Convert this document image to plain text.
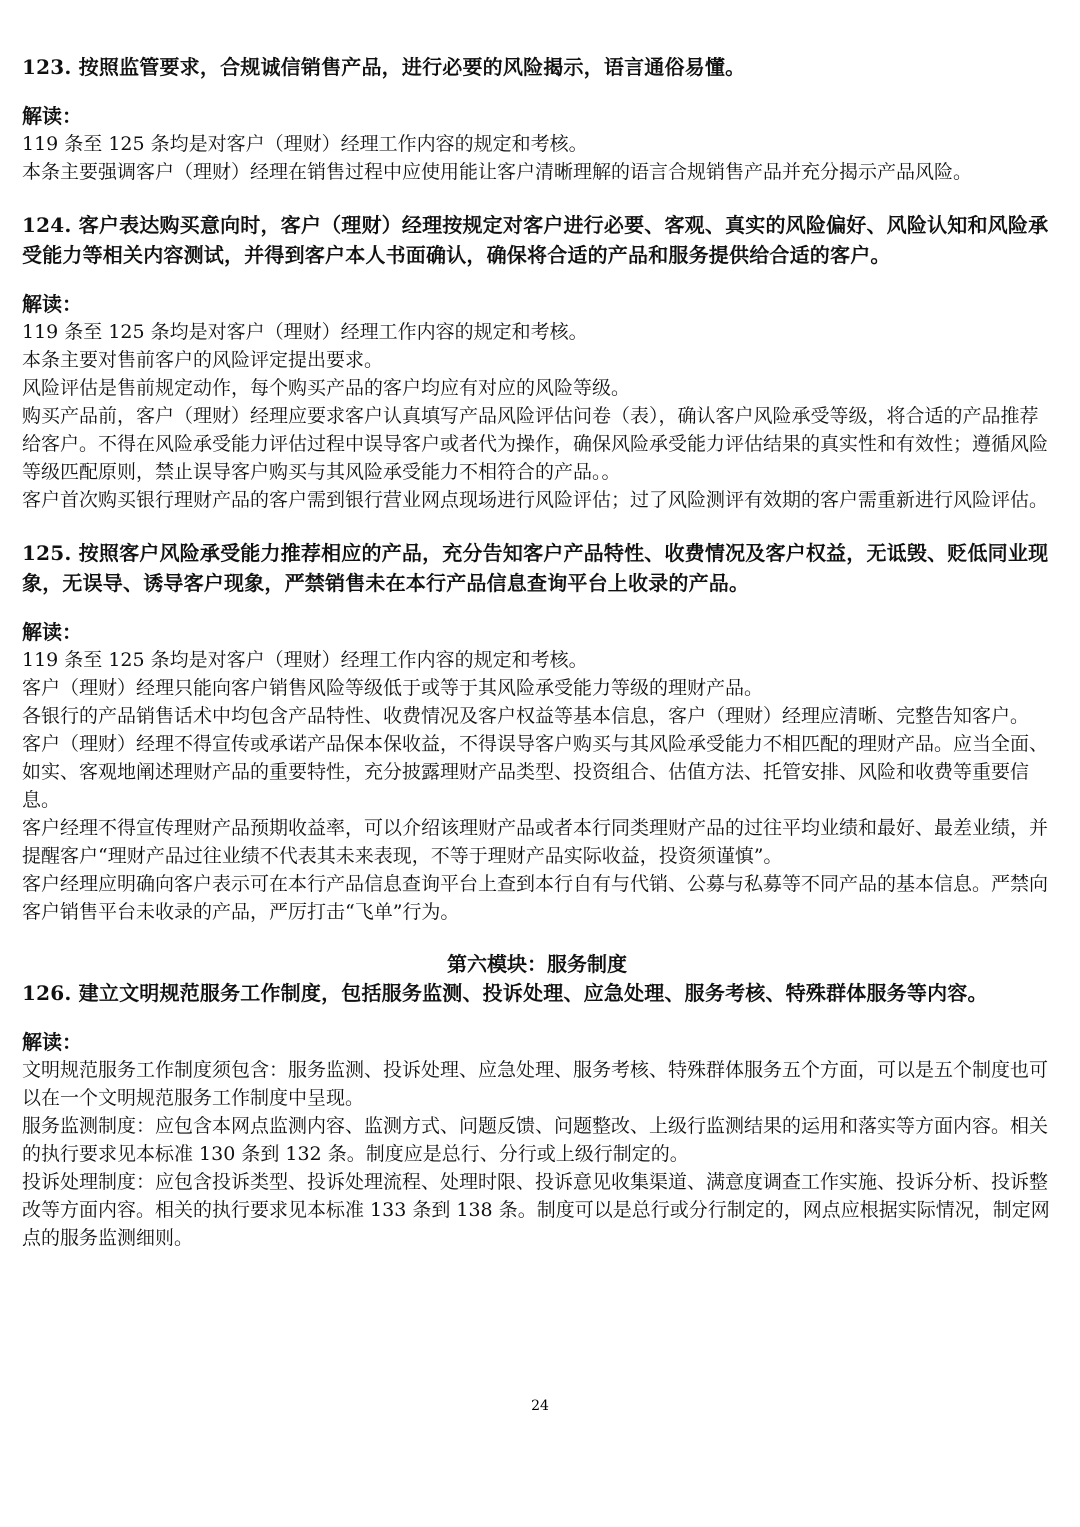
123. 按照监管要求，合规诚信销售产品，进行必要的风险揭示，语言通俗易懂。

解读：

119 条至 125 条均是对客户（理财）经理工作内容的规定和考核。

本条主要强调客户（理财）经理在销售过程中应使用能让客户清晰理解的语言合规销售产品并充分揭示产品风险。

124. 客户表达购买意向时，客户（理财）经理按规定对客户进行必要、客观、真实的风险偏好、风险认知和风险承受能力等相关内容测试，并得到客户本人书面确认，确保将合适的产品和服务提供给合适的客户。

解读：

119 条至 125 条均是对客户（理财）经理工作内容的规定和考核。

本条主要对售前客户的风险评定提出要求。

风险评估是售前规定动作，每个购买产品的客户均应有对应的风险等级。

购买产品前，客户（理财）经理应要求客户认真填写产品风险评估问卷（表），确认客户风险承受等级，将合适的产品推荐给客户。不得在风险承受能力评估过程中误导客户或者代为操作，确保风险承受能力评估结果的真实性和有效性；遵循风险等级匹配原则，禁止误导客户购买与其风险承受能力不相符合的产品。。

客户首次购买银行理财产品的客户需到银行营业网点现场进行风险评估；过了风险测评有效期的客户需重新进行风险评估。

125. 按照客户风险承受能力推荐相应的产品，充分告知客户产品特性、收费情况及客户权益，无诋毁、贬低同业现象，无误导、诱导客户现象，严禁销售未在本行产品信息查询平台上收录的产品。

解读：

119 条至 125 条均是对客户（理财）经理工作内容的规定和考核。

客户（理财）经理只能向客户销售风险等级低于或等于其风险承受能力等级的理财产品。

各银行的产品销售话术中均包含产品特性、收费情况及客户权益等基本信息，客户（理财）经理应清晰、完整告知客户。

客户（理财）经理不得宣传或承诺产品保本保收益，不得误导客户购买与其风险承受能力不相匹配的理财产品。应当全面、如实、客观地阐述理财产品的重要特性，充分披露理财产品类型、投资组合、估值方法、托管安排、风险和收费等重要信息。

客户经理不得宣传理财产品预期收益率，可以介绍该理财产品或者本行同类理财产品的过往平均业绩和最好、最差业绩，并提醒客户“理财产品过往业绩不代表其未来表现，不等于理财产品实际收益，投资须谨慎”。

客户经理应明确向客户表示可在本行产品信息查询平台上查到本行自有与代销、公募与私募等不同产品的基本信息。严禁向客户销售平台未收录的产品，严厉打击“飞单”行为。

第六模块：服务制度

126. 建立文明规范服务工作制度，包括服务监测、投诉处理、应急处理、服务考核、特殊群体服务等内容。

解读：

文明规范服务工作制度须包含：服务监测、投诉处理、应急处理、服务考核、特殊群体服务五个方面，可以是五个制度也可以在一个文明规范服务工作制度中呈现。

服务监测制度：应包含本网点监测内容、监测方式、问题反馈、问题整改、上级行监测结果的运用和落实等方面内容。相关的执行要求见本标准 130 条到 132 条。制度应是总行、分行或上级行制定的。

投诉处理制度：应包含投诉类型、投诉处理流程、处理时限、投诉意见收集渠道、满意度调查工作实施、投诉分析、投诉整改等方面内容。相关的执行要求见本标准 133 条到 138 条。制度可以是总行或分行制定的，网点应根据实际情况，制定网点的服务监测细则。

24
